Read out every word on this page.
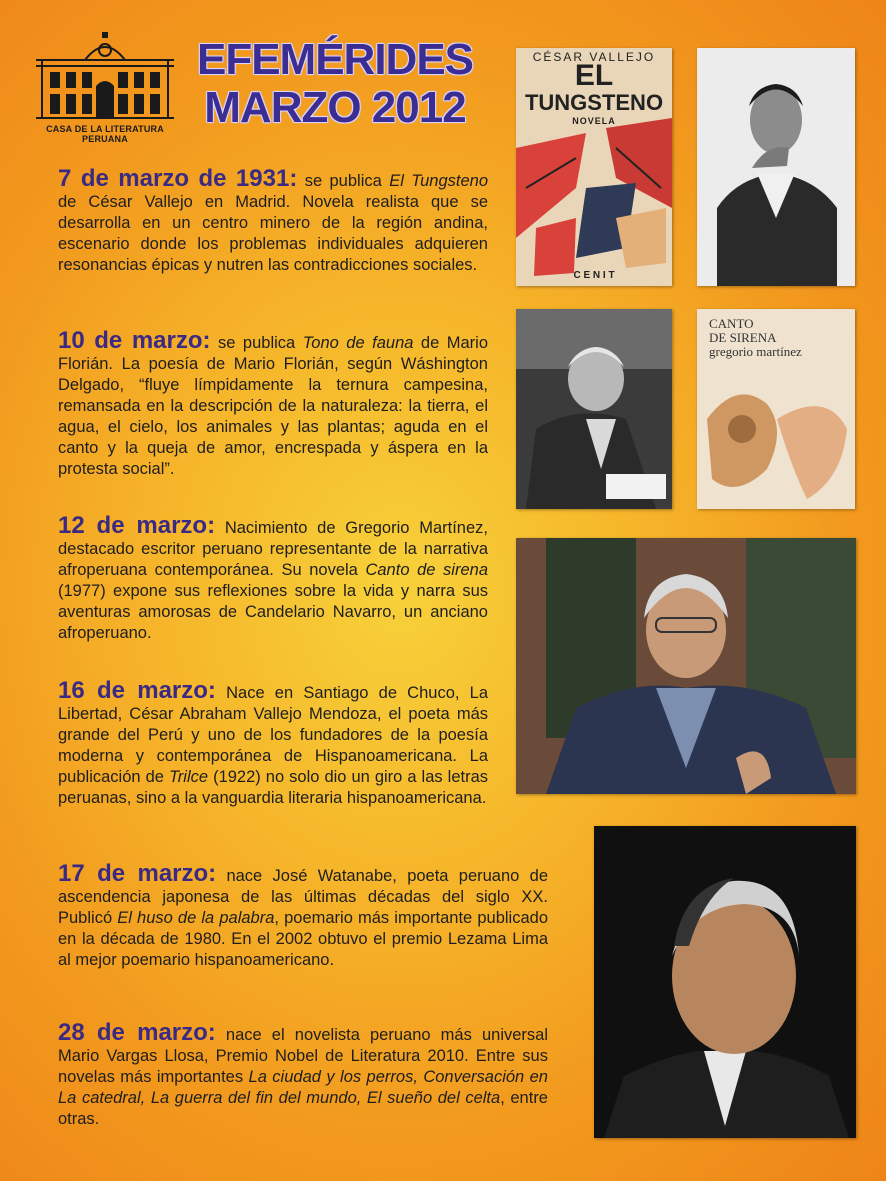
CASA DE LA LITERATURA PERUANA
EFEMÉRIDES
MARZO 2012
7 de marzo de 1931: se publica El Tungsteno de César Vallejo en Madrid. Novela realista que se desarrolla en un centro minero de la región andina, escenario donde los problemas individuales adquieren resonancias épicas y nutren las contradicciones sociales.
10 de marzo: se publica Tono de fauna de Mario Florián. La poesía de Mario Florián, según Wáshington Delgado, “fluye límpidamente la ternura campesina, remansada en la descripción de la naturaleza: la tierra, el agua, el cielo, los animales y las plantas; aguda en el canto y la queja de amor, encrespada y áspera en la protesta social”.
12 de marzo: Nacimiento de Gregorio Martínez, destacado escritor peruano representante de la narrativa afroperuana contemporánea. Su novela Canto de sirena (1977) expone sus reflexiones sobre la vida y narra sus aventuras amorosas de Candelario Navarro, un anciano afroperuano.
16 de marzo: Nace en Santiago de Chuco, La Libertad, César Abraham Vallejo Mendoza, el poeta más grande del Perú y uno de los fundadores de la poesía moderna y contemporánea de Hispanoamericana. La publicación de Trilce (1922) no solo dio un giro a las letras peruanas, sino a la vanguardia literaria hispanoamericana.
17 de marzo: nace José Watanabe, poeta peruano de ascendencia japonesa de las últimas décadas del siglo XX. Publicó El huso de la palabra, poemario más importante publicado en la década de 1980. En el 2002 obtuvo el premio Lezama Lima al mejor poemario hispanoamericano.
28 de marzo: nace el novelista peruano más universal Mario Vargas Llosa, Premio Nobel de Literatura 2010. Entre sus novelas más importantes La ciudad y los perros, Conversación en La catedral, La guerra del fin del mundo, El sueño del celta, entre otras.
CÉSAR VALLEJO
EL
TUNGSTENO
NOVELA
C E N I T
CANTO
DE SIRENA
gregorio martínez
